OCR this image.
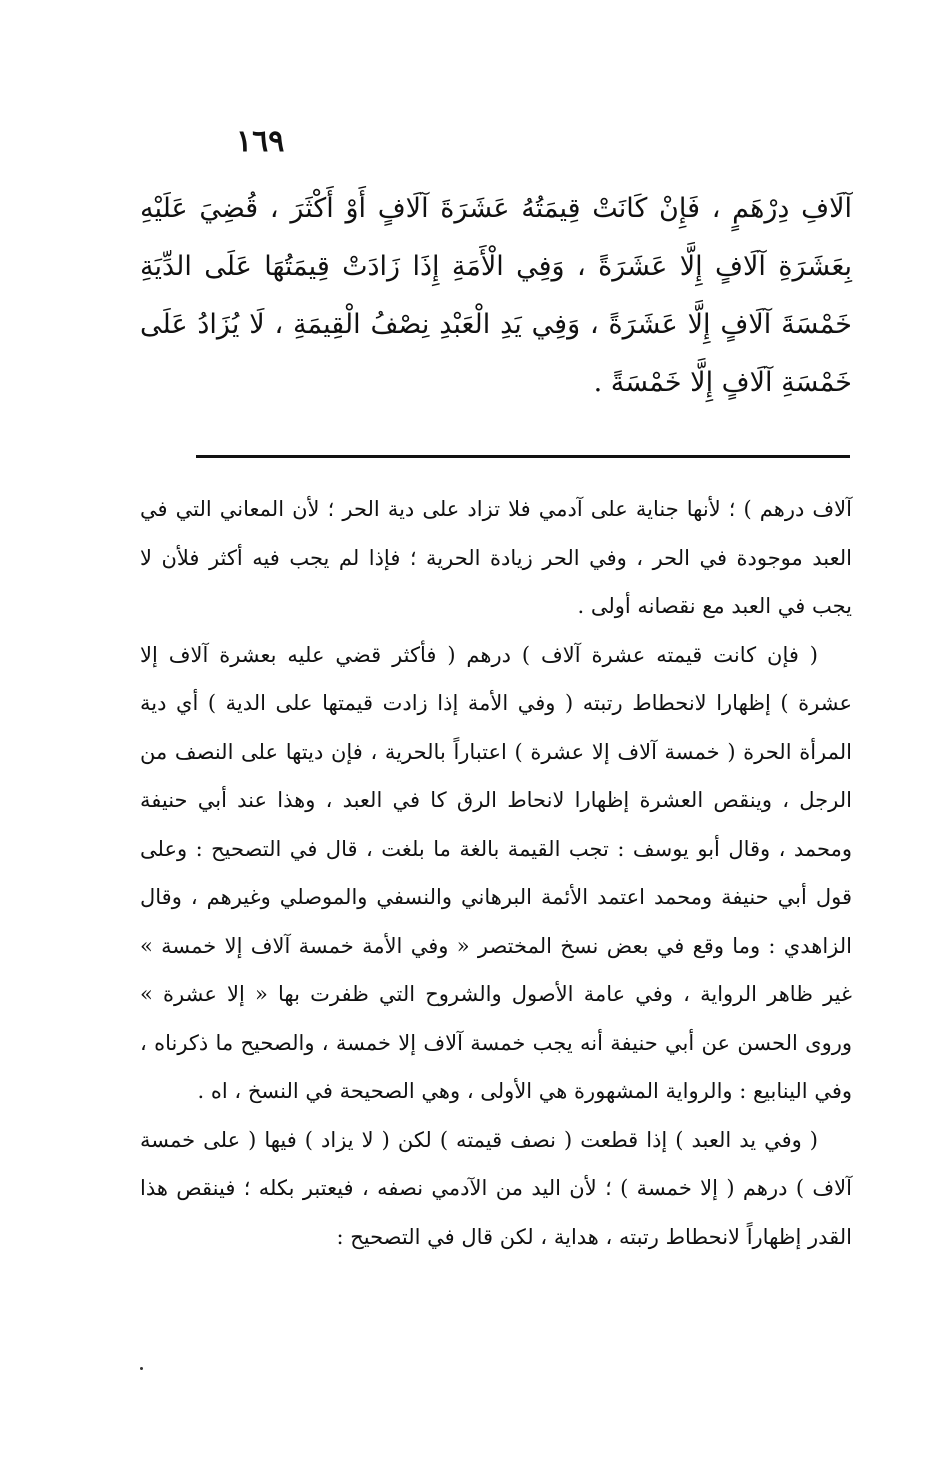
١٦٩

آلَافِ دِرْهَمٍ ، فَإِنْ كَانَتْ قِيمَتُهُ عَشَرَةَ آلَافٍ أَوْ أَكْثَرَ ، قُضِيَ عَلَيْهِ بِعَشَرَةِ آلَافٍ إِلَّا عَشَرَةً ، وَفِي الْأَمَةِ إِذَا زَادَتْ قِيمَتُهَا عَلَى الدِّيَةِ خَمْسَةَ آلَافٍ إِلَّا عَشَرَةً ، وَفِي يَدِ الْعَبْدِ نِصْفُ الْقِيمَةِ ، لَا يُزَادُ عَلَى خَمْسَةِ آلَافٍ إِلَّا خَمْسَةً .

آلاف درهم ) ؛ لأنها جناية على آدمي فلا تزاد على دية الحر ؛ لأن المعاني التي في العبد موجودة في الحر ، وفي الحر زيادة الحرية ؛ فإذا لم يجب فيه أكثر فلأن لا يجب في العبد مع نقصانه أولى .

( فإن كانت قيمته عشرة آلاف ) درهم ( فأكثر قضي عليه بعشرة آلاف إلا عشرة ) إظهارا لانحطاط رتبته ( وفي الأمة إذا زادت قيمتها على الدية ) أي دية المرأة الحرة ( خمسة آلاف إلا عشرة ) اعتباراً بالحرية ، فإن ديتها على النصف من الرجل ، وينقص العشرة إظهارا لانحاط الرق كا في العبد ، وهذا عند أبي حنيفة ومحمد ، وقال أبو يوسف : تجب القيمة بالغة ما بلغت ، قال في التصحيح : وعلى قول أبي حنيفة ومحمد اعتمد الأئمة البرهاني والنسفي والموصلي وغيرهم ، وقال الزاهدي : وما وقع في بعض نسخ المختصر « وفي الأمة خمسة آلاف إلا خمسة » غير ظاهر الرواية ، وفي عامة الأصول والشروح التي ظفرت بها « إلا عشرة » وروى الحسن عن أبي حنيفة أنه يجب خمسة آلاف إلا خمسة ، والصحيح ما ذكرناه ، وفي الينابيع : والرواية المشهورة هي الأولى ، وهي الصحيحة في النسخ ، اه .

( وفي يد العبد ) إذا قطعت ( نصف قيمته ) لكن ( لا يزاد ) فيها ( على خمسة آلاف ) درهم ( إلا خمسة ) ؛ لأن اليد من الآدمي نصفه ، فيعتبر بكله ؛ فينقص هذا القدر إظهاراً لانحطاط رتبته ، هداية ، لكن قال في التصحيح :
